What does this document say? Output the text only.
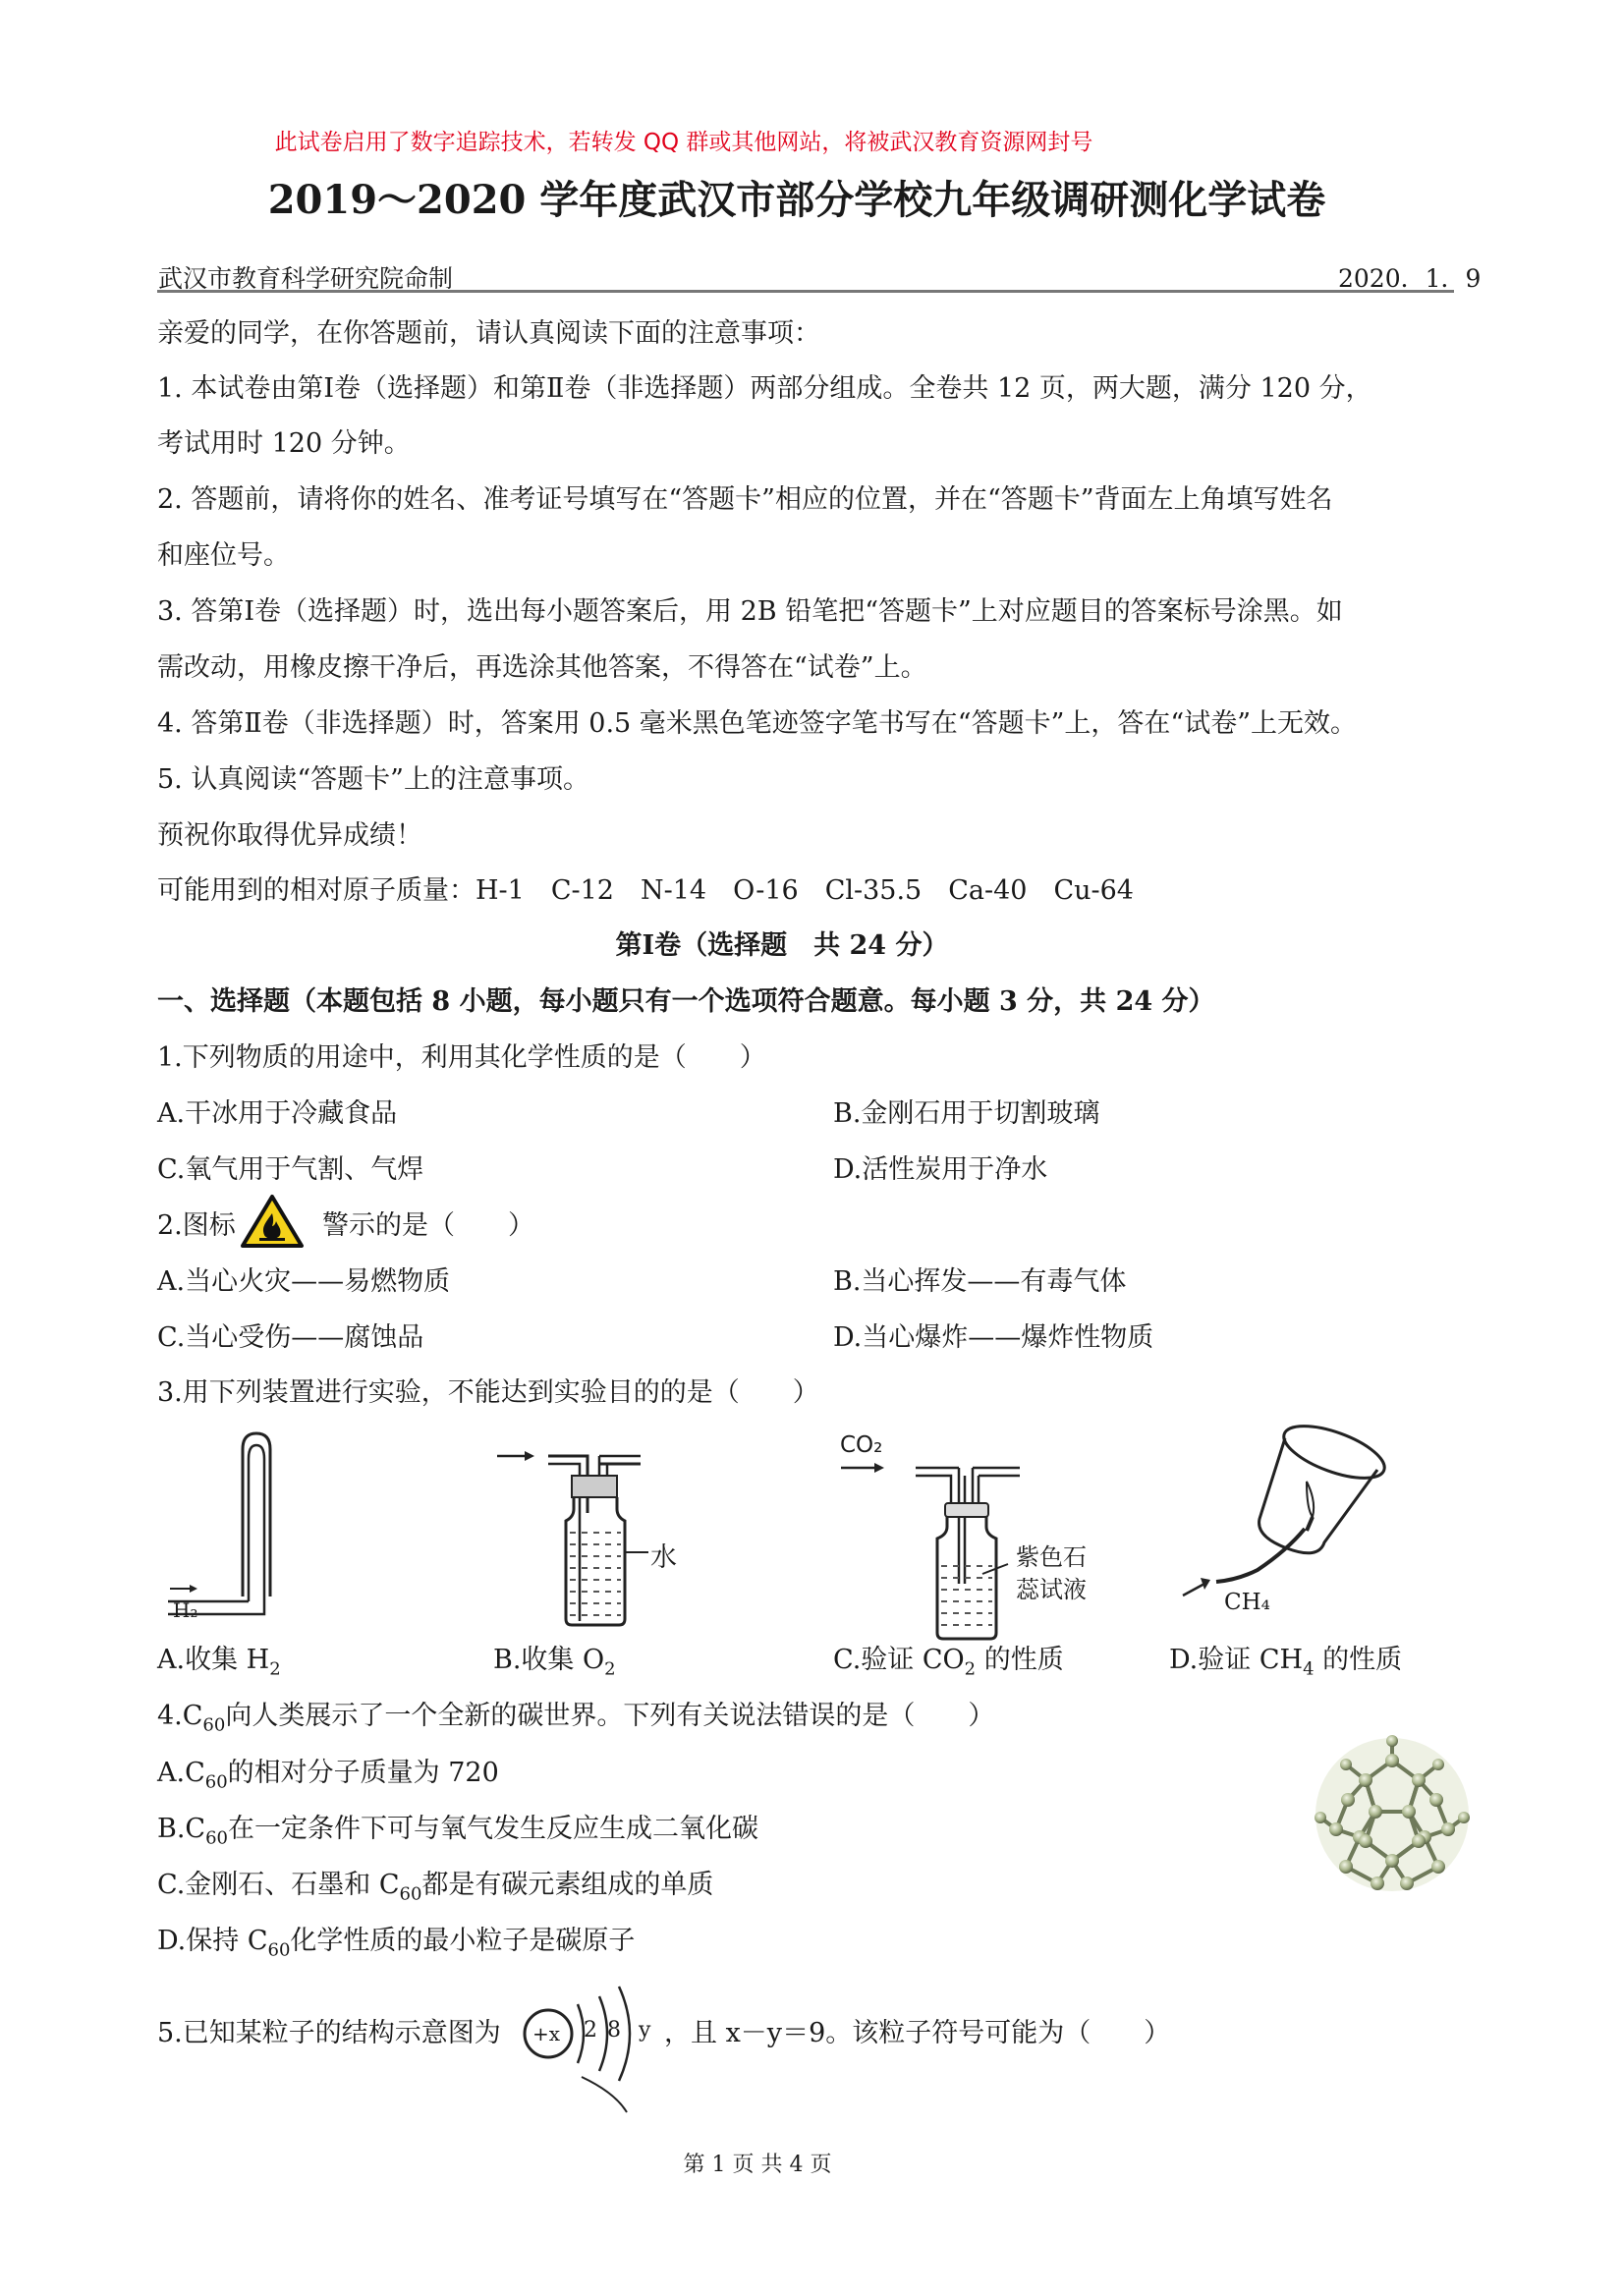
此试卷启用了数字追踪技术，若转发 QQ 群或其他网站，将被武汉教育资源网封号
2019～2020 学年度武汉市部分学校九年级调研测化学试卷
武汉市教育科学研究院命制	2020．1．9
亲爱的同学，在你答题前，请认真阅读下面的注意事项：
1. 本试卷由第Ⅰ卷（选择题）和第Ⅱ卷（非选择题）两部分组成。全卷共 12 页，两大题，满分 120 分，
考试用时 120 分钟。
2. 答题前，请将你的姓名、准考证号填写在“答题卡”相应的位置，并在“答题卡”背面左上角填写姓名
和座位号。
3. 答第Ⅰ卷（选择题）时，选出每小题答案后，用 2B 铅笔把“答题卡”上对应题目的答案标号涂黑。如
需改动，用橡皮擦干净后，再选涂其他答案，不得答在“试卷”上。
4. 答第Ⅱ卷（非选择题）时，答案用 0.5 毫米黑色笔迹签字笔书写在“答题卡”上，答在“试卷”上无效。
5. 认真阅读“答题卡”上的注意事项。
预祝你取得优异成绩！
可能用到的相对原子质量：H-1　C-12　N-14　O-16　Cl-35.5　Ca-40　Cu-64
第Ⅰ卷（选择题　共 24 分）
一、选择题（本题包括 8 小题，每小题只有一个选项符合题意。每小题 3 分，共 24 分）
1.下列物质的用途中，利用其化学性质的是（　　）
A.干冰用于冷藏食品	B.金刚石用于切割玻璃
C.氧气用于气割、气焊	D.活性炭用于净水
2.图标	警示的是（　　）
A.当心火灾——易燃物质	B.当心挥发——有毒气体
C.当心受伤——腐蚀品	D.当心爆炸——爆炸性物质
3.用下列装置进行实验，不能达到实验目的的是（　　）
H₂
水
CO₂
紫色石
蕊试液	CH₄
A.收集 $H_2$	B.收集 $O_2$	C.验证 $CO_2$ 的性质	D.验证 $CH_4$ 的性质
$4.C_{60}$向人类展示了一个全新的碳世界。下列有关说法错误的是（　　）
$A.C_{60}$的相对分子质量为 720
$B.C_{60}$在一定条件下可与氧气发生反应生成二氧化碳
C.金刚石、石墨和 $C_{60}$都是有碳元素组成的单质
D.保持 $C_{60}$化学性质的最小粒子是碳原子
5.已知某粒子的结构示意图为 +x 2 8 y ，且 x－y＝9。该粒子符号可能为（　　）
第 1 页 共 4 页
